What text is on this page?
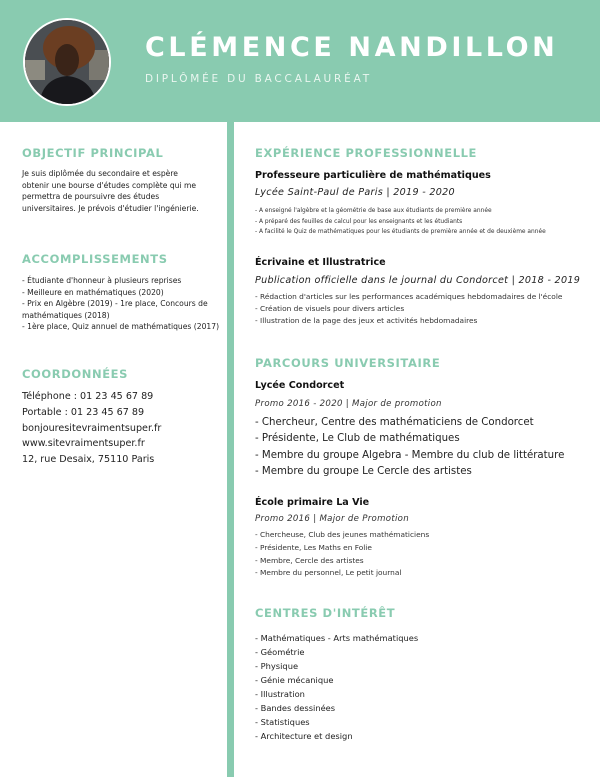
CLÉMENCE NANDILLON
DIPLÔMÉE DU BACCALAURÉAT
OBJECTIF PRINCIPAL
Je suis diplômée du secondaire et espère
obtenir une bourse d'études complète qui me
permettra de poursuivre des études
universitaires. Je prévois d'étudier l'ingénierie.
ACCOMPLISSEMENTS
- Étudiante d'honneur à plusieurs reprises
- Meilleure en mathématiques (2020)
- Prix en Algèbre (2019) - 1re place, Concours de
mathématiques (2018)
- 1ère place, Quiz annuel de mathématiques (2017)
COORDONNÉES
Téléphone : 01 23 45 67 89
Portable : 01 23 45 67 89
bonjouresitevraimentsuper.fr
www.sitevraimentsuper.fr
12, rue Desaix, 75110 Paris
EXPÉRIENCE PROFESSIONNELLE
Professeure particulière de mathématiques
Lycée Saint-Paul de Paris | 2019 - 2020
- A enseigné l'algèbre et la géométrie de base aux étudiants de première année
- A préparé des feuilles de calcul pour les enseignants et les étudiants
- A facilité le Quiz de mathématiques pour les étudiants de première année et de deuxième année
Écrivaine et Illustratrice
Publication officielle dans le journal du Condorcet | 2018 - 2019
- Rédaction d'articles sur les performances académiques hebdomadaires de l'école
- Création de visuels pour divers articles
- Illustration de la page des jeux et activités hebdomadaires
PARCOURS UNIVERSITAIRE
Lycée Condorcet
Promo 2016 - 2020 | Major de promotion
- Chercheur, Centre des mathématiciens de Condorcet
- Présidente, Le Club de mathématiques
- Membre du groupe Algebra - Membre du club de littérature
- Membre du groupe Le Cercle des artistes
École primaire La Vie
Promo 2016 | Major de Promotion
- Chercheuse, Club des jeunes mathématiciens
- Présidente, Les Maths en Folie
- Membre, Cercle des artistes
- Membre du personnel, Le petit journal
CENTRES D'INTÉRÊT
- Mathématiques - Arts mathématiques
- Géométrie
- Physique
- Génie mécanique
- Illustration
- Bandes dessinées
- Statistiques
- Architecture et design
